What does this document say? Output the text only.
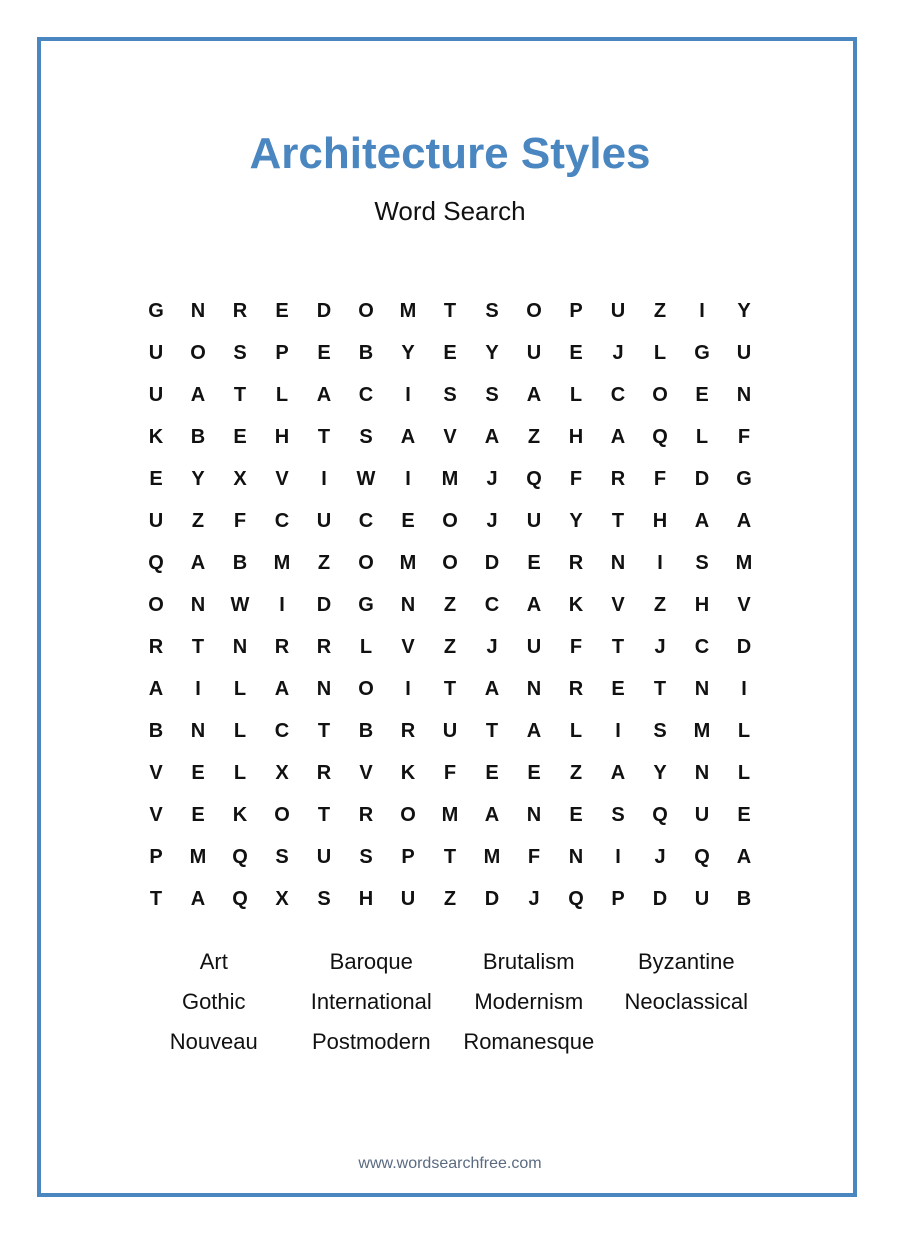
Architecture Styles
Word Search
G	N	R	E	D	O	M	T	S	O	P	U	Z	I	Y
U	O	S	P	E	B	Y	E	Y	U	E	J	L	G	U
U	A	T	L	A	C	I	S	S	A	L	C	O	E	N
K	B	E	H	T	S	A	V	A	Z	H	A	Q	L	F
E	Y	X	V	I	W	I	M	J	Q	F	R	F	D	G
U	Z	F	C	U	C	E	O	J	U	Y	T	H	A	A
Q	A	B	M	Z	O	M	O	D	E	R	N	I	S	M
O	N	W	I	D	G	N	Z	C	A	K	V	Z	H	V
R	T	N	R	R	L	V	Z	J	U	F	T	J	C	D
A	I	L	A	N	O	I	T	A	N	R	E	T	N	I
B	N	L	C	T	B	R	U	T	A	L	I	S	M	L
V	E	L	X	R	V	K	F	E	E	Z	A	Y	N	L
V	E	K	O	T	R	O	M	A	N	E	S	Q	U	E
P	M	Q	S	U	S	P	T	M	F	N	I	J	Q	A
T	A	Q	X	S	H	U	Z	D	J	Q	P	D	U	B
Art	Baroque	Brutalism	Byzantine
Gothic	International	Modernism	Neoclassical
Nouveau	Postmodern	Romanesque
www.wordsearchfree.com
